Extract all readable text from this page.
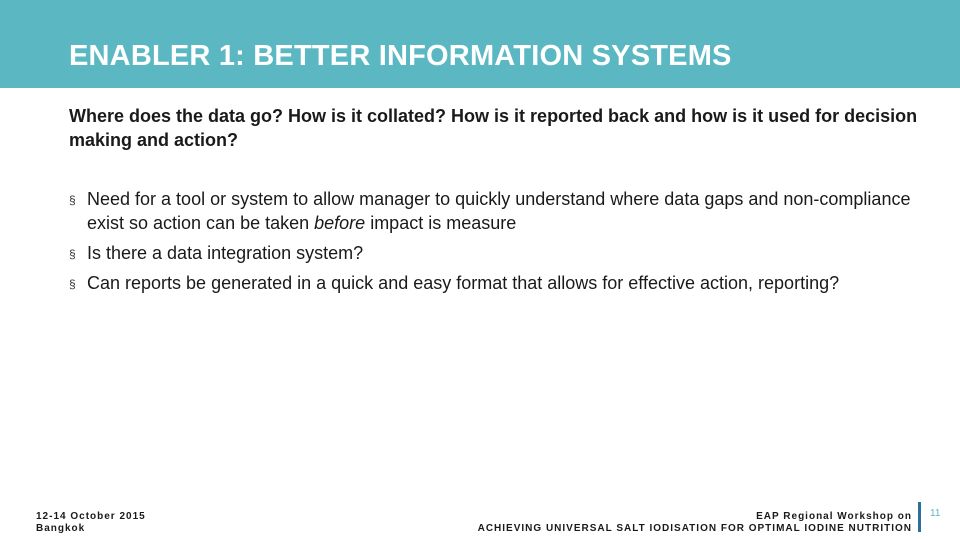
ENABLER 1: BETTER INFORMATION SYSTEMS
Where does the data go? How is it collated? How is it reported back and how is it used for decision making and action?
§ Need for a tool or system to allow manager to quickly understand where data gaps and non-compliance exist so action can be taken before impact is measure
§ Is there a data integration system?
§ Can reports be generated in a quick and easy format that allows for effective action, reporting?
12-14 October 2015
Bangkok
EAP Regional Workshop on
ACHIEVING UNIVERSAL SALT IODISATION FOR OPTIMAL IODINE NUTRITION
11
